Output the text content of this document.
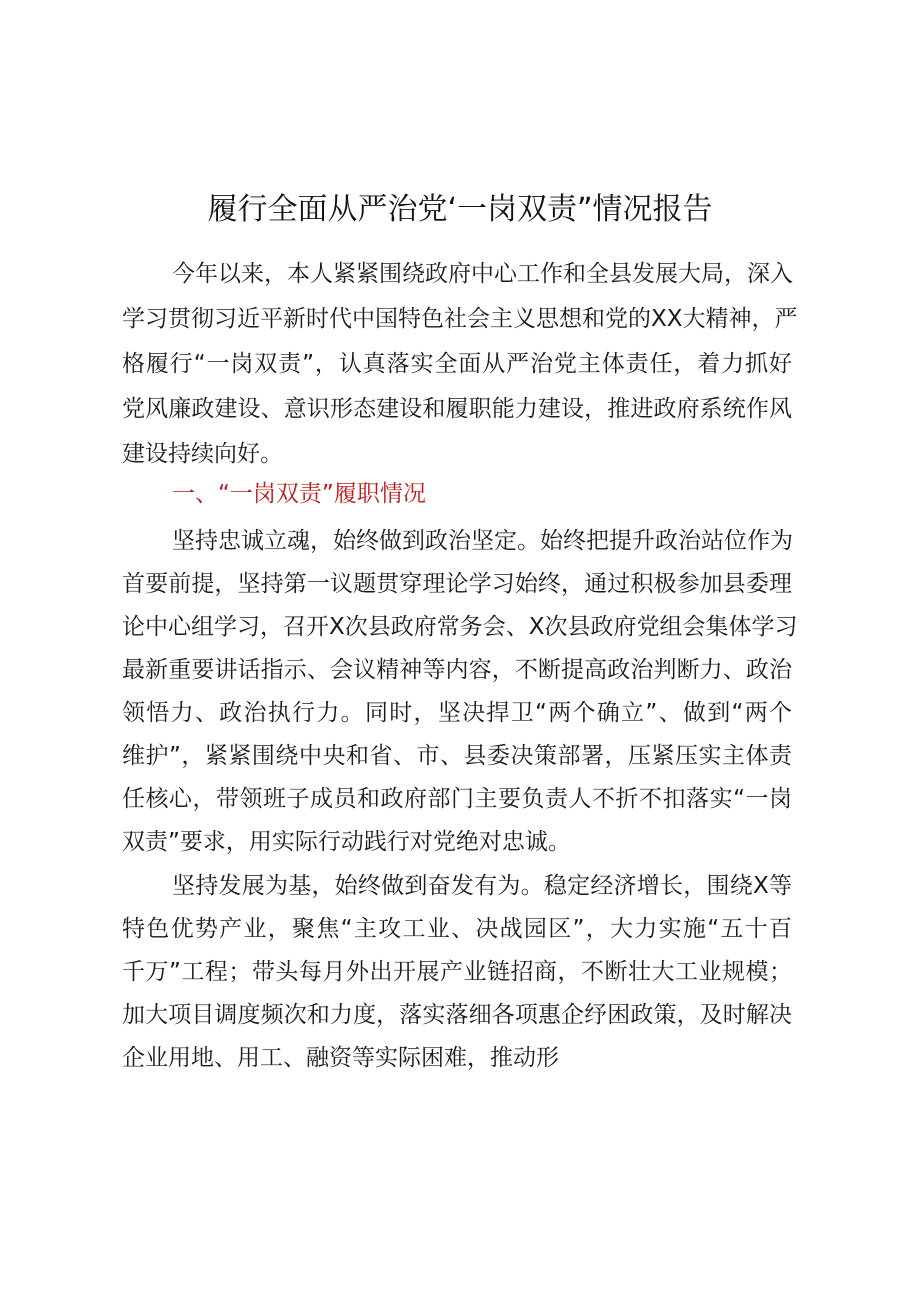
履行全面从严治党‘一岗双责”情况报告
今年以来，本人紧紧围绕政府中心工作和全县发展大局，深入
学习贯彻习近平新时代中国特色社会主义思想和党的XX大精神，严
格履行“一岗双责”，认真落实全面从严治党主体责任，着力抓好
党风廉政建设、意识形态建设和履职能力建设，推进政府系统作风
建设持续向好。
一、“一岗双责”履职情况
坚持忠诚立魂，始终做到政治坚定。始终把提升政治站位作为
首要前提，坚持第一议题贯穿理论学习始终，通过积极参加县委理
论中心组学习，召开X次县政府常务会、X次县政府党组会集体学习
最新重要讲话指示、会议精神等内容，不断提高政治判断力、政治
领悟力、政治执行力。同时，坚决捍卫“两个确立”、做到“两个
维护”，紧紧围绕中央和省、市、县委决策部署，压紧压实主体责
任核心，带领班子成员和政府部门主要负责人不折不扣落实“一岗
双责”要求，用实际行动践行对党绝对忠诚。
坚持发展为基，始终做到奋发有为。稳定经济增长，围绕X等
特色优势产业，聚焦“主攻工业、决战园区”，大力实施“五十百
千万”工程；带头每月外出开展产业链招商，不断壮大工业规模；
加大项目调度频次和力度，落实落细各项惠企纾困政策，及时解决
企业用地、用工、融资等实际困难，推动形
